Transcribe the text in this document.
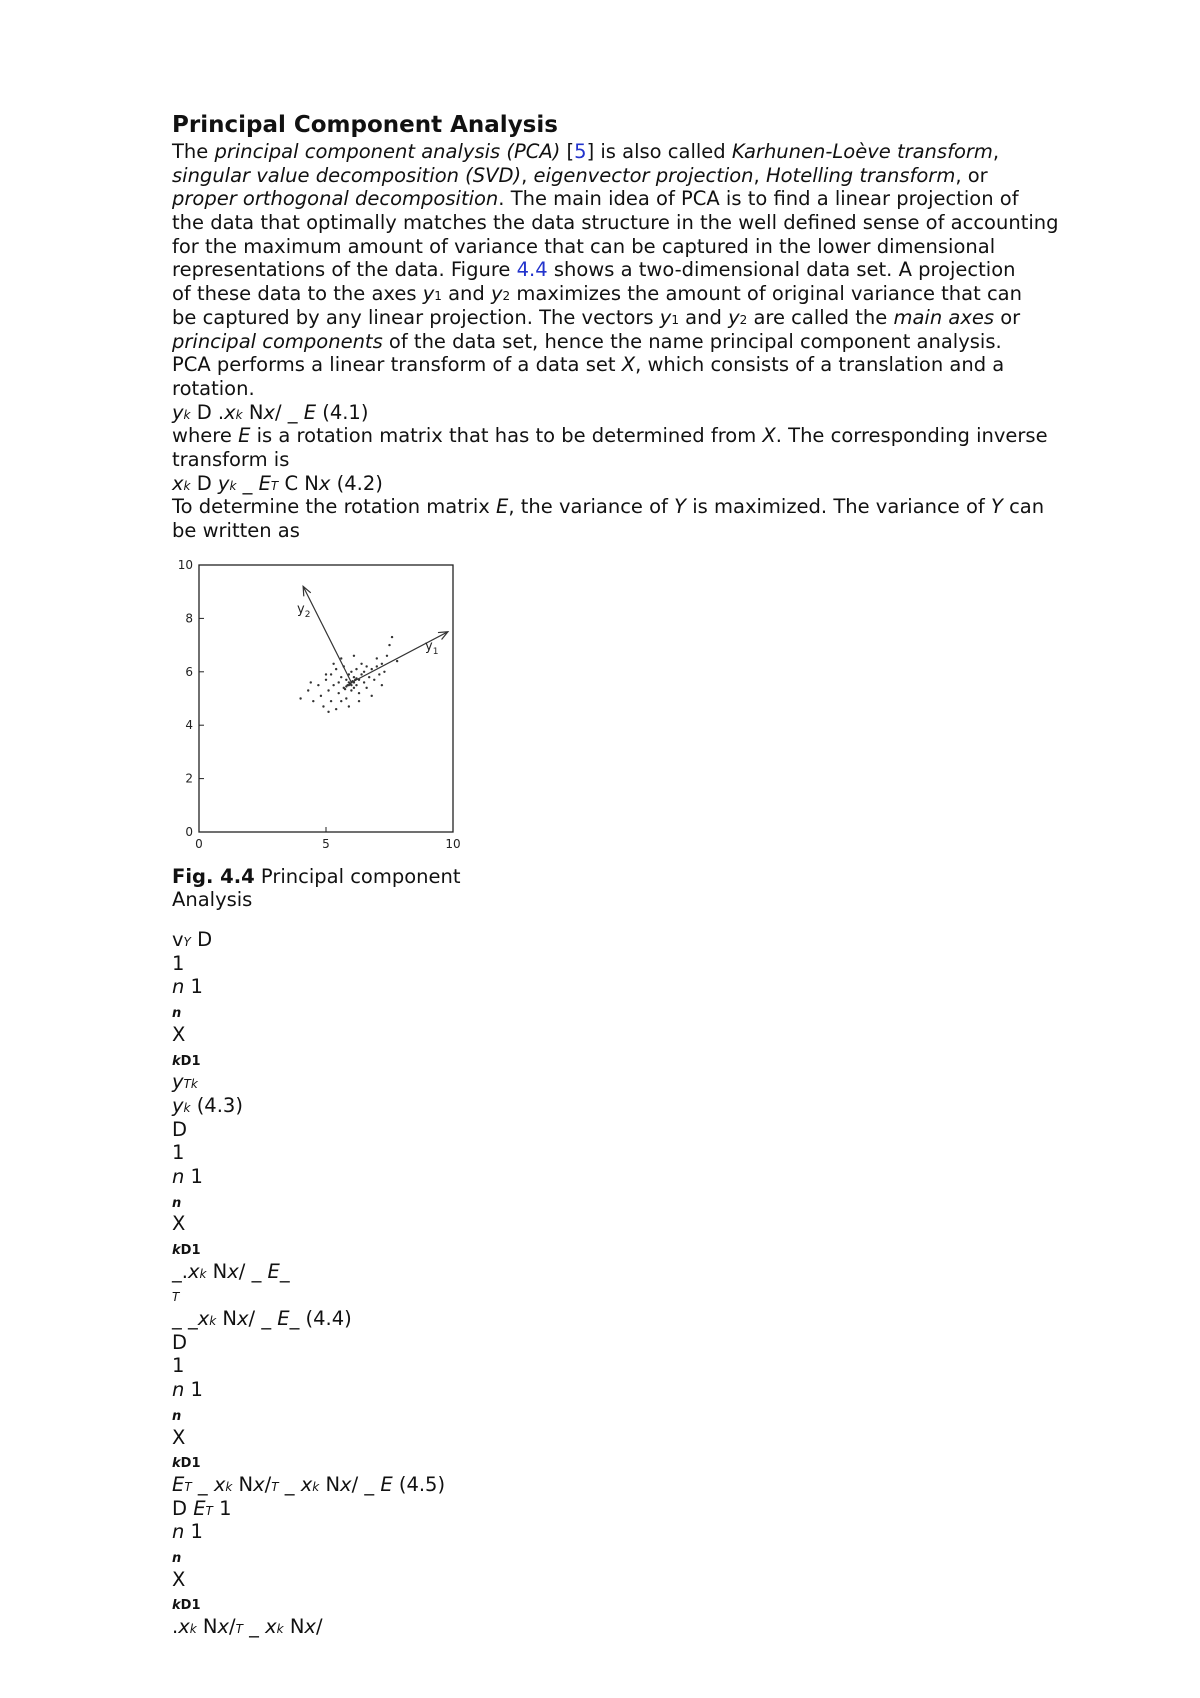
Principal Component Analysis
The principal component analysis (PCA) [5] is also called Karhunen-Loève transform,
singular value decomposition (SVD), eigenvector projection, Hotelling transform, or
proper orthogonal decomposition. The main idea of PCA is to find a linear projection of
the data that optimally matches the data structure in the well defined sense of accounting
for the maximum amount of variance that can be captured in the lower dimensional
representations of the data. Figure 4.4 shows a two-dimensional data set. A projection
of these data to the axes y1 and y2 maximizes the amount of original variance that can
be captured by any linear projection. The vectors y1 and y2 are called the main axes or
principal components of the data set, hence the name principal component analysis.
PCA performs a linear transform of a data set X, which consists of a translation and a
rotation.
yk D .xk Nx/ _ E (4.1)
where E is a rotation matrix that has to be determined from X. The corresponding inverse
transform is
xk D yk _ ET C Nx (4.2)
To determine the rotation matrix E, the variance of Y is maximized. The variance of Y can
be written as
0	5	10
0
2
4
6
8
10
$y_1$
$y_2$
Fig. 4.4 Principal component
Analysis
vY D
1
n 1
n
X
kD1
yTk
yk (4.3)
D
1
n 1
n
X
kD1
_.xk Nx/ _ E_
T
_ _xk Nx/ _ E_ (4.4)
D
1
n 1
n
X
kD1
ET _ xk Nx/T _ xk Nx/ _ E (4.5)
D ET 1
n 1
n
X
kD1
.xk Nx/T _ xk Nx/
